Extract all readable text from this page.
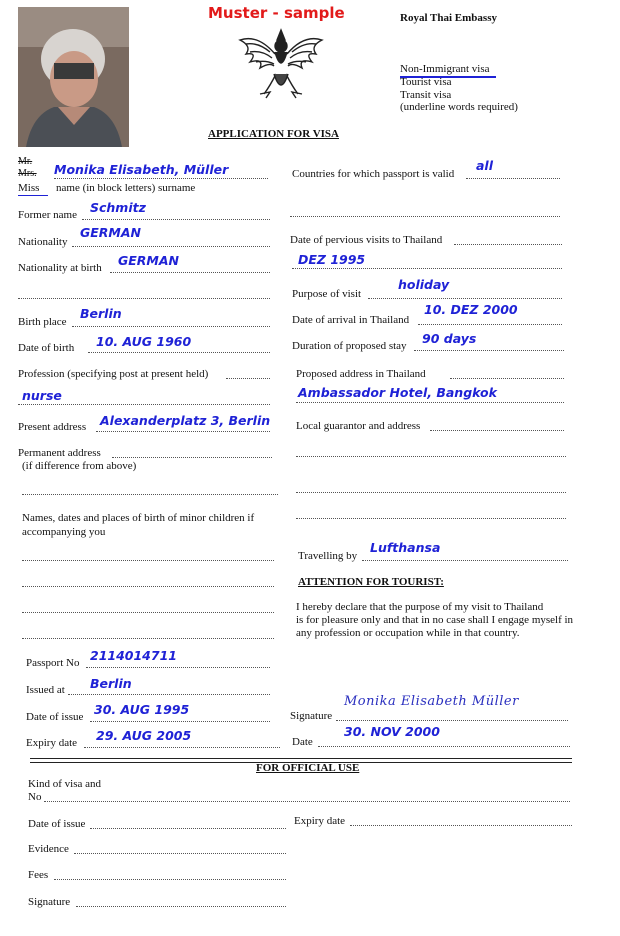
Muster - sample	Royal Thai Embassy
Non-Immigrant visa
Tourist visa
Transit visa
(underline words required)
APPLICATION FOR VISA
Mr.
Mrs.
Miss
Monika Elisabeth, Müller
name (in block letters) surname
Former name Schmitz
Nationality
GERMAN
Nationality at birth GERMAN
Birth place
Berlin
Date of birth 10. AUG 1960
Profession (specifying post at present held)
nurse
Present address Alexanderplatz 3, Berlin
Permanent address
(if difference from above)
Names, dates and places of birth of minor children if
accompanying you
Passport No 2114014711
Issued at Berlin
Date of issue 30. AUG 1995
Expiry date 29. AUG 2005
Countries for which passport is valid
all
Date of pervious visits to Thailand
DEZ 1995
Purpose of visit
holiday
Date of arrival in Thailand
10. DEZ 2000
Duration of proposed stay 90 days
Proposed address in Thailand
Ambassador Hotel, Bangkok
Local guarantor and address
Travelling by
Lufthansa
ATTENTION FOR TOURIST:
I hereby declare that the purpose of my visit to Thailand
is for pleasure only and that in no case shall I engage myself in
any profession or occupation while in that country.
Signature
Monika Elisabeth Müller
Date
30. NOV 2000
FOR OFFICIAL USE
Kind of visa and
No
Date of issue	Expiry date
Evidence
Fees
Signature
